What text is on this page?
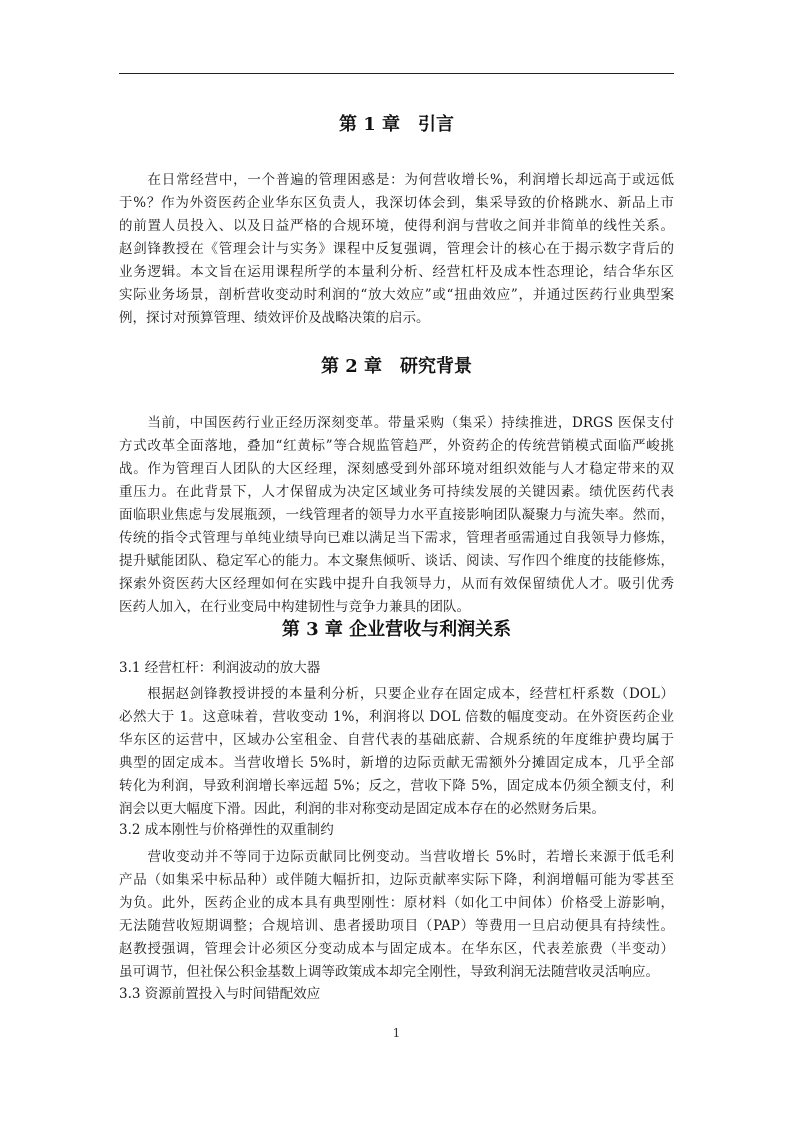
第 1 章　引言
　　在日常经营中，一个普遍的管理困惑是：为何营收增长%，利润增长却远高于或远低
于%？作为外资医药企业华东区负责人，我深切体会到，集采导致的价格跳水、新品上市
的前置人员投入、以及日益严格的合规环境，使得利润与营收之间并非简单的线性关系。
赵剑锋教授在《管理会计与实务》课程中反复强调，管理会计的核心在于揭示数字背后的
业务逻辑。本文旨在运用课程所学的本量利分析、经营杠杆及成本性态理论，结合华东区
实际业务场景，剖析营收变动时利润的“放大效应”或“扭曲效应”，并通过医药行业典型案
例，探讨对预算管理、绩效评价及战略决策的启示。
第 2 章　研究背景
　　当前，中国医药行业正经历深刻变革。带量采购（集采）持续推进，DRGS 医保支付
方式改革全面落地，叠加“红黄标”等合规监管趋严，外资药企的传统营销模式面临严峻挑
战。作为管理百人团队的大区经理，深刻感受到外部环境对组织效能与人才稳定带来的双
重压力。在此背景下，人才保留成为决定区域业务可持续发展的关键因素。绩优医药代表
面临职业焦虑与发展瓶颈，一线管理者的领导力水平直接影响团队凝聚力与流失率。然而，
传统的指令式管理与单纯业绩导向已难以满足当下需求，管理者亟需通过自我领导力修炼，
提升赋能团队、稳定军心的能力。本文聚焦倾听、谈话、阅读、写作四个维度的技能修炼，
探索外资医药大区经理如何在实践中提升自我领导力，从而有效保留绩优人才。吸引优秀
医药人加入，在行业变局中构建韧性与竞争力兼具的团队。
第 3 章 企业营收与利润关系
3.1 经营杠杆：利润波动的放大器
　　根据赵剑锋教授讲授的本量利分析，只要企业存在固定成本，经营杠杆系数（DOL）
必然大于 1。这意味着，营收变动 1%，利润将以 DOL 倍数的幅度变动。在外资医药企业
华东区的运营中，区域办公室租金、自营代表的基础底薪、合规系统的年度维护费均属于
典型的固定成本。当营收增长 5%时，新增的边际贡献无需额外分摊固定成本，几乎全部
转化为利润，导致利润增长率远超 5%；反之，营收下降 5%，固定成本仍须全额支付，利
润会以更大幅度下滑。因此，利润的非对称变动是固定成本存在的必然财务后果。
3.2 成本刚性与价格弹性的双重制约
　　营收变动并不等同于边际贡献同比例变动。当营收增长 5%时，若增长来源于低毛利
产品（如集采中标品种）或伴随大幅折扣，边际贡献率实际下降，利润增幅可能为零甚至
为负。此外，医药企业的成本具有典型刚性：原材料（如化工中间体）价格受上游影响，
无法随营收短期调整；合规培训、患者援助项目（PAP）等费用一旦启动便具有持续性。
赵教授强调，管理会计必须区分变动成本与固定成本。在华东区，代表差旅费（半变动）
虽可调节，但社保公积金基数上调等政策成本却完全刚性，导致利润无法随营收灵活响应。
3.3 资源前置投入与时间错配效应
1
